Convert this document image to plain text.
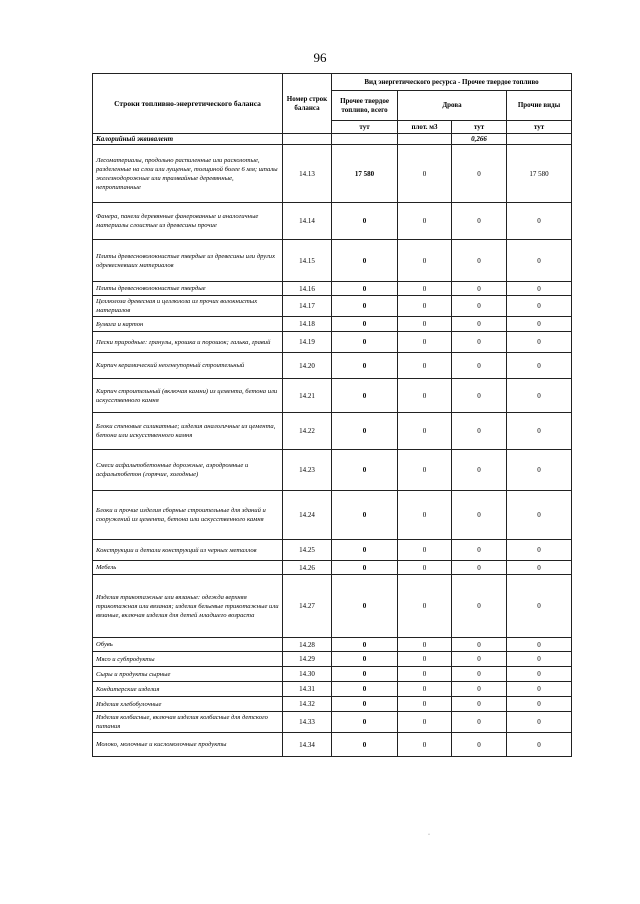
96
Строки топливно-энергетического баланса	Номер строк баланса	Вид энергетического ресурса - Прочее твердое топливо			
		Прочее твердое топливо, всего	Дрова		Прочие виды
		тут	плот. м3	тут	тут
Калорийный эквивалент				0,266	
Лесоматериалы, продольно распиленные или расколотые, разделенные на слои или лущеные, толщиной более 6 мм; шпалы железнодорожные или трамвайные деревянные, непропитанные	14.13	17 580	0	0	17 580
Фанера, панели деревянные фанерованные и аналогичные материалы слоистые из древесины прочие	14.14	0	0	0	0
Плиты древесноволокнистые твердые из древесины или других одревесневших материалов	14.15	0	0	0	0
Плиты древесноволокнистые твердые	14.16	0	0	0	0
Целлюлоза древесная и целлюлоза из прочих волокнистых материалов	14.17	0	0	0	0
Бумага и картон	14.18	0	0	0	0
Пески природные: гранулы, крошка и порошок; галька, гравий	14.19	0	0	0	0
Кирпич керамический неогнеупорный строительный	14.20	0	0	0	0
Кирпич строительный (включая камни) из цемента, бетона или искусственного камня	14.21	0	0	0	0
Блоки стеновые силикатные; изделия аналогичные из цемента, бетона или искусственного камня	14.22	0	0	0	0
Смеси асфальтобетонные дорожные, аэродромные и асфальтобетон (горячие, холодные)	14.23	0	0	0	0
Блоки и прочие изделия сборные строительные для зданий и сооружений из цемента, бетона или искусственного камня	14.24	0	0	0	0
Конструкции и детали конструкций из черных металлов	14.25	0	0	0	0
Мебель	14.26	0	0	0	0
Изделия трикотажные или вязаные: одежда верхняя трикотажная или вязаная; изделия бельевые трикотажные или вязаные, включая изделия для детей младшего возраста	14.27	0	0	0	0
Обувь	14.28	0	0	0	0
Мясо и субпродукты	14.29	0	0	0	0
Сыры и продукты сырные	14.30	0	0	0	0
Кондитерские изделия	14.31	0	0	0	0
Изделия хлебобулочные	14.32	0	0	0	0
Изделия колбасные, включая изделия колбасные для детского питания	14.33	0	0	0	0
Молоко, молочные и кисломолочные продукты	14.34	0	0	0	0
·
